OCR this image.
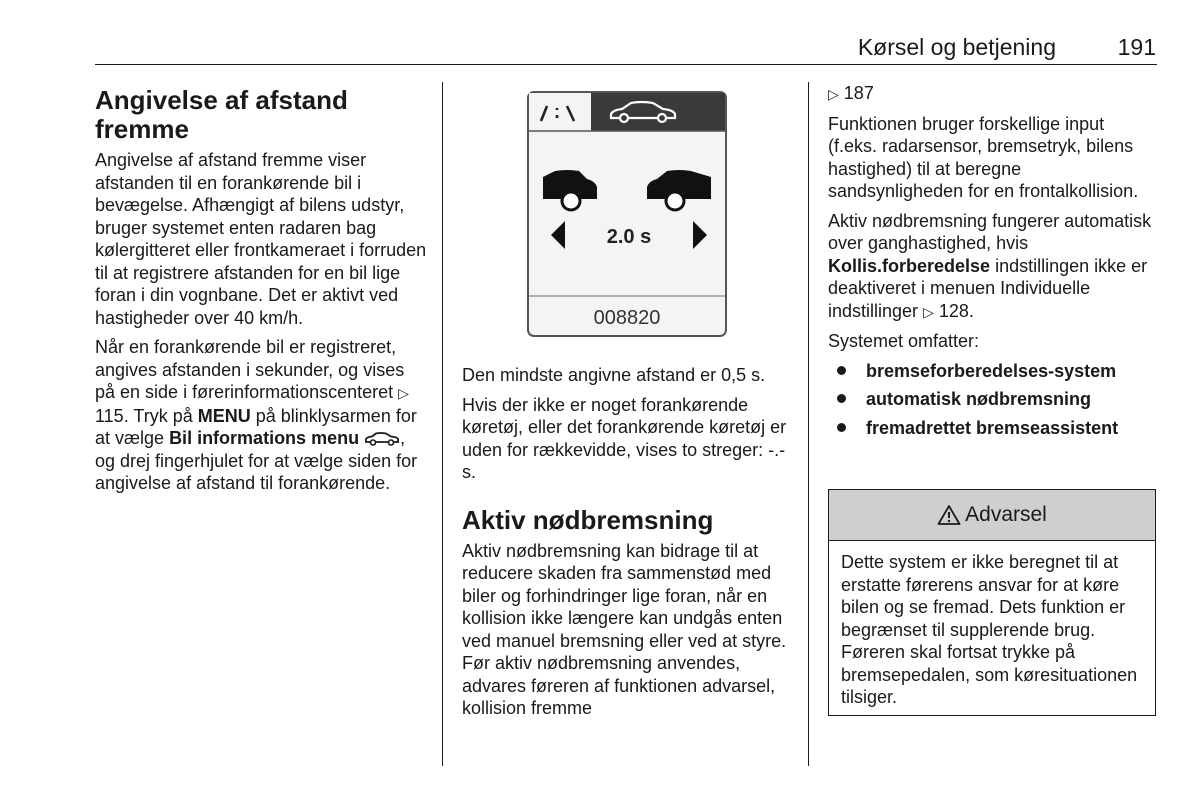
Kørsel og betjening	191
Angivelse af afstand fremme
Angivelse af afstand fremme viser afstanden til en forankørende bil i bevægelse. Afhængigt af bilens udstyr, bruger systemet enten radaren bag kølergitteret eller frontkameraet i forruden til at registrere afstanden for en bil lige foran i din vognbane. Det er aktivt ved hastigheder over 40 km/h.
Når en forankørende bil er registreret, angives afstanden i sekunder, og vises på en side i førerinformationscenteret ▷ 115. Tryk på MENU på blinklysarmen for at vælge Bil informations menu , og drej fingerhjulet for at vælge siden for angivelse af afstand til forankørende.
2.0 s
008820
Den mindste angivne afstand er 0,5 s.
Hvis der ikke er noget forankørende køretøj, eller det forankørende køretøj er uden for rækkevidde, vises to streger: -.- s.
Aktiv nødbremsning
Aktiv nødbremsning kan bidrage til at reducere skaden fra sammenstød med biler og forhindringer lige foran, når en kollision ikke længere kan undgås enten ved manuel bremsning eller ved at styre. Før aktiv nødbremsning anvendes, advares føreren af funktionen advarsel, kollision fremme
▷ 187
Funktionen bruger forskellige input (f.eks. radarsensor, bremsetryk, bilens hastighed) til at beregne sandsynligheden for en frontalkollision.
Aktiv nødbremsning fungerer automatisk over ganghastighed, hvis Kollis.forberedelse indstillingen ikke er deaktiveret i menuen Individuelle indstillinger ▷ 128.
Systemet omfatter:
bremseforberedelses-system
automatisk nødbremsning
fremadrettet bremseassistent
Advarsel
Dette system er ikke beregnet til at erstatte førerens ansvar for at køre bilen og se fremad. Dets funktion er begrænset til supplerende brug. Føreren skal fortsat trykke på bremsepedalen, som køresituationen tilsiger.
